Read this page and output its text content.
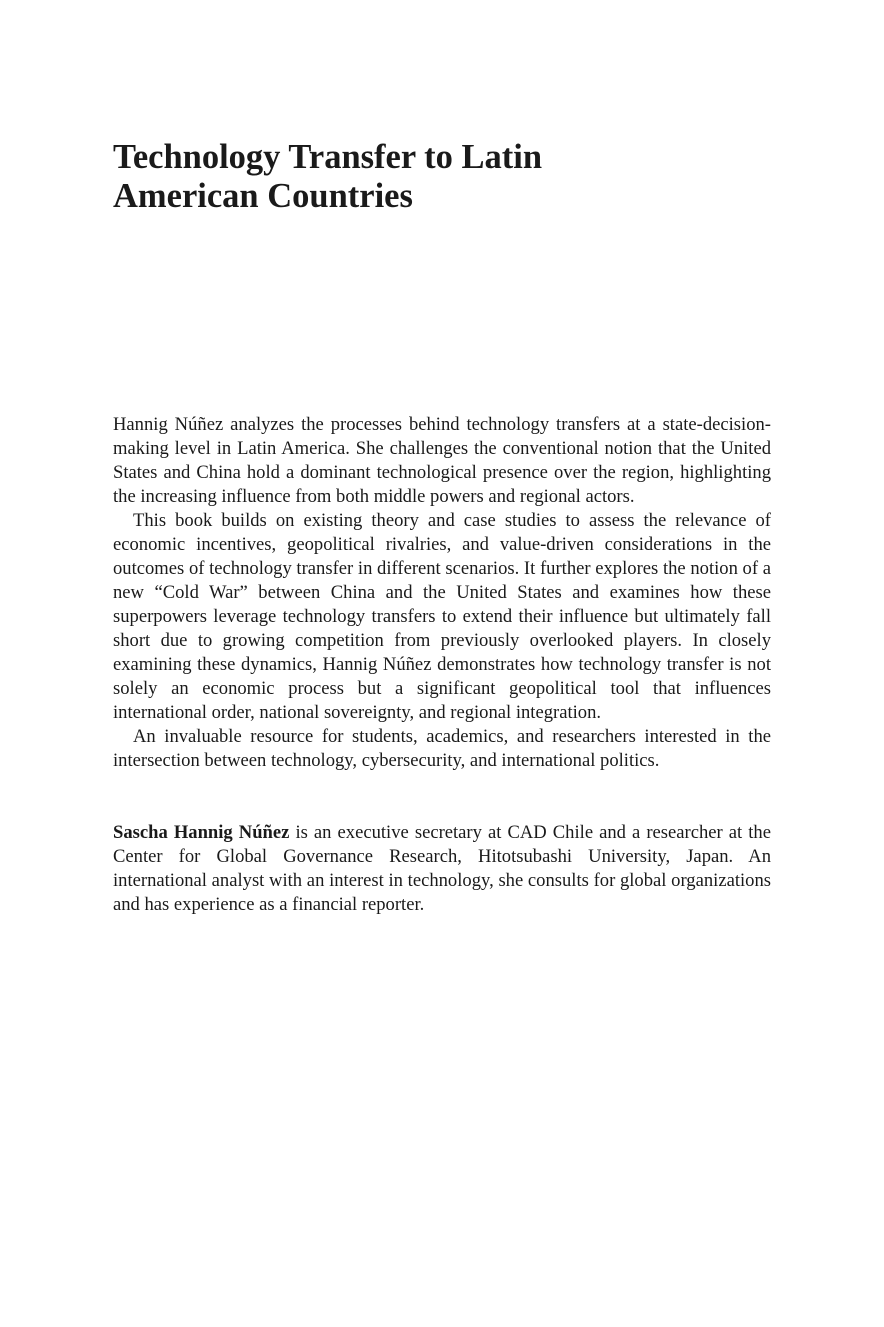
Technology Transfer to Latin
American Countries

Hannig Núñez analyzes the processes behind technology transfers at a state-decision-making level in Latin America. She challenges the conventional notion that the United States and China hold a dominant technological presence over the region, highlighting the increasing influence from both middle powers and regional actors.

This book builds on existing theory and case studies to assess the relevance of economic incentives, geopolitical rivalries, and value-driven considerations in the outcomes of technology transfer in different scenarios. It further explores the notion of a new “Cold War” between China and the United States and examines how these superpowers leverage technology transfers to extend their influence but ultimately fall short due to growing competition from previously overlooked players. In closely examining these dynamics, Hannig Núñez demonstrates how technology transfer is not solely an economic process but a significant geopolitical tool that influences international order, national sovereignty, and regional integration.

An invaluable resource for students, academics, and researchers interested in the intersection between technology, cybersecurity, and international politics.

Sascha Hannig Núñez is an executive secretary at CAD Chile and a researcher at the Center for Global Governance Research, Hitotsubashi University, Japan. An international analyst with an interest in technology, she consults for global organizations and has experience as a financial reporter.
